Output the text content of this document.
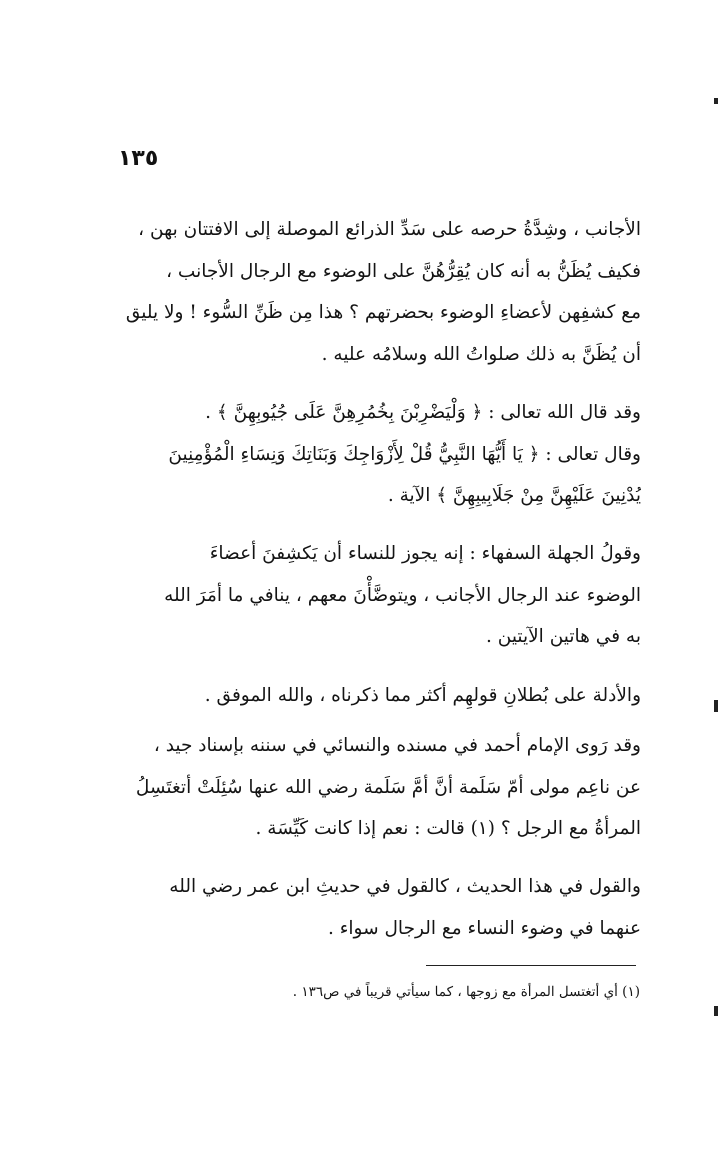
١٣٥

الأجانب ، وشِدَّةُ حرصه على سَدِّ الذرائع الموصلة إلى الافتتان بهن ،
فكيف يُظَنُّ به أنه كان يُقِرُّهُنَّ على الوضوء مع الرجال الأجانب ،
مع كشفِهن لأعضاءِ الوضوء بحضرتهم ؟ هذا مِن ظَنِّ السُّوء ! ولا يليق
أن يُظَنَّ به ذلك صلواتُ الله وسلامُه عليه .

وقد قال الله تعالى : ﴿ وَلْيَضْرِبْنَ بِخُمُرِهِنَّ عَلَى جُيُوبِهِنَّ ﴾ .
وقال تعالى : ﴿ يَا أَيُّهَا النَّبِيُّ قُلْ لِأَزْوَاجِكَ وَبَنَاتِكَ وَنِسَاءِ الْمُؤْمِنِينَ
يُدْنِينَ عَلَيْهِنَّ مِنْ جَلَابِيبِهِنَّ ﴾ الآية .

وقولُ الجهلة السفهاء : إنه يجوز للنساء أن يَكشِفنَ أعضاءَ
الوضوء عند الرجال الأجانب ، ويتوضَّأْنَ معهم ، ينافي ما أمَرَ الله
به في هاتين الآيتين .

والأدلة على بُطلانِ قولهِم أكثر مما ذكرناه ، والله الموفق .

وقد رَوى الإمام أحمد في مسنده والنسائي في سننه بإسناد جيد ،
عن ناعِم مولى أمّ سَلَمة أنَّ أمَّ سَلَمة رضي الله عنها سُئِلَتْ أتغتَسِلُ
المرأةُ مع الرجل ؟ (١) قالت : نعم إذا كانت كَيِّسَة .

والقول في هذا الحديث ، كالقول في حديثِ ابن عمر رضي الله
عنهما في وضوء النساء مع الرجال سواء .

(١) أي أتغتسل المرأة مع زوجها ، كما سيأتي قريباً في ص١٣٦ .
